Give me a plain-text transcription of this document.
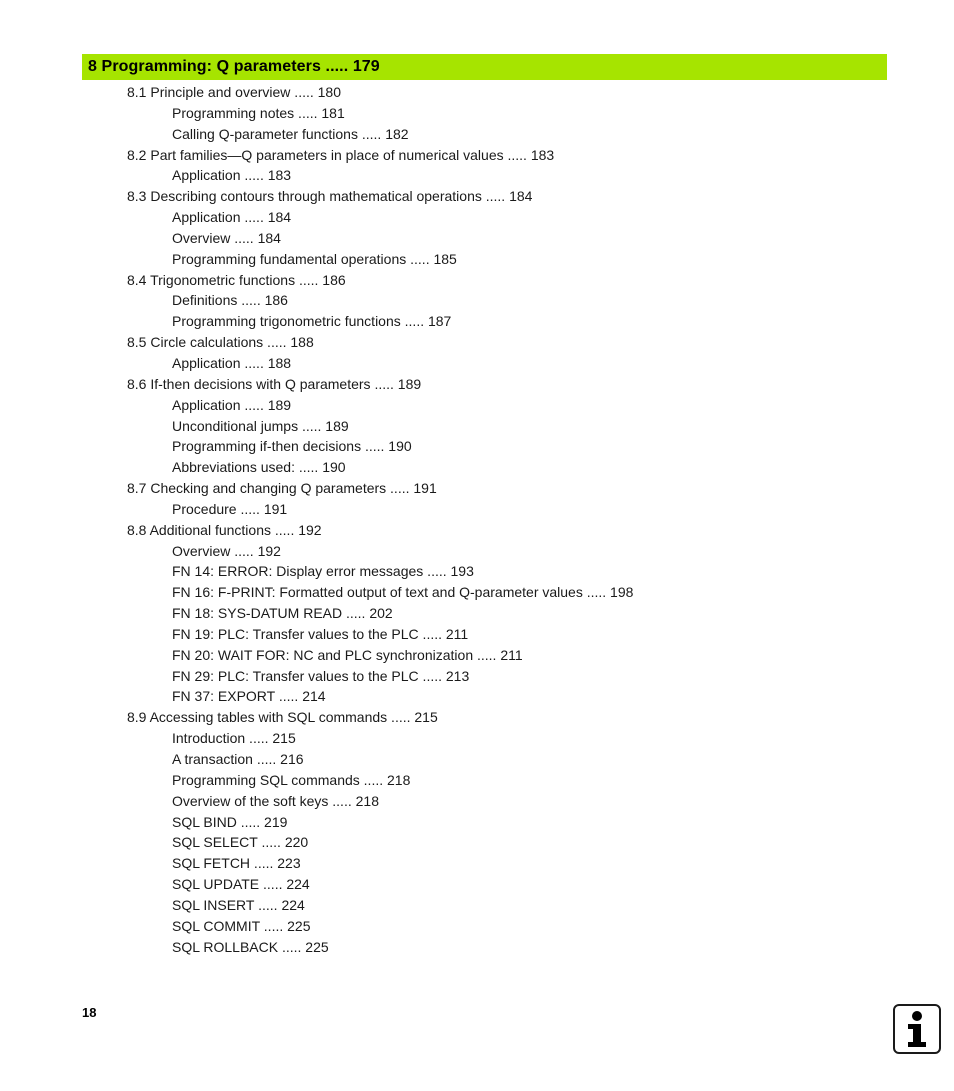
8 Programming: Q parameters ..... 179
8.1 Principle and overview ..... 180
Programming notes ..... 181
Calling Q-parameter functions ..... 182
8.2 Part families—Q parameters in place of numerical values ..... 183
Application ..... 183
8.3 Describing contours through mathematical operations ..... 184
Application ..... 184
Overview ..... 184
Programming fundamental operations ..... 185
8.4 Trigonometric functions ..... 186
Definitions ..... 186
Programming trigonometric functions ..... 187
8.5 Circle calculations ..... 188
Application ..... 188
8.6 If-then decisions with Q parameters ..... 189
Application ..... 189
Unconditional jumps ..... 189
Programming if-then decisions ..... 190
Abbreviations used: ..... 190
8.7 Checking and changing Q parameters ..... 191
Procedure ..... 191
8.8 Additional functions ..... 192
Overview ..... 192
FN 14: ERROR: Display error messages ..... 193
FN 16: F-PRINT: Formatted output of text and Q-parameter values ..... 198
FN 18: SYS-DATUM READ ..... 202
FN 19: PLC: Transfer values to the PLC ..... 211
FN 20: WAIT FOR: NC and PLC synchronization ..... 211
FN 29: PLC: Transfer values to the PLC ..... 213
FN 37: EXPORT ..... 214
8.9 Accessing tables with SQL commands ..... 215
Introduction ..... 215
A transaction ..... 216
Programming SQL commands ..... 218
Overview of the soft keys ..... 218
SQL BIND ..... 219
SQL SELECT ..... 220
SQL FETCH ..... 223
SQL UPDATE ..... 224
SQL INSERT ..... 224
SQL COMMIT ..... 225
SQL ROLLBACK ..... 225
18
